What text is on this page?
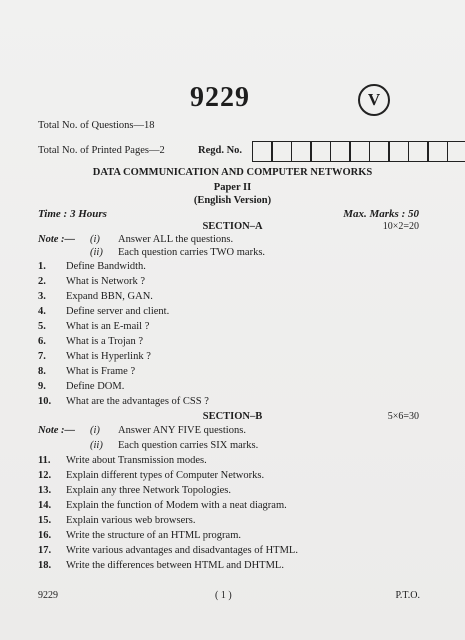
9229	V
Total No. of Questions—18
Total No. of Printed Pages—2	Regd. No.
DATA COMMUNICATION AND COMPUTER NETWORKS
Paper II
(English Version)
Time : 3 Hours	Max. Marks : 50
SECTION–A	10×2=20
Note :— (i) Answer ALL the questions.
(ii) Each question carries TWO marks.
1. Define Bandwidth.
2. What is Network ?
3. Expand BBN, GAN.
4. Define server and client.
5. What is an E-mail ?
6. What is a Trojan ?
7. What is Hyperlink ?
8. What is Frame ?
9. Define DOM.
10. What are the advantages of CSS ?
SECTION–B	5×6=30
Note :— (i) Answer ANY FIVE questions.
(ii) Each question carries SIX marks.
11. Write about Transmission modes.
12. Explain different types of Computer Networks.
13. Explain any three Network Topologies.
14. Explain the function of Modem with a neat diagram.
15. Explain various web browsers.
16. Write the structure of an HTML program.
17. Write various advantages and disadvantages of HTML.
18. Write the differences between HTML and DHTML.
9229	( 1 )	P.T.O.
